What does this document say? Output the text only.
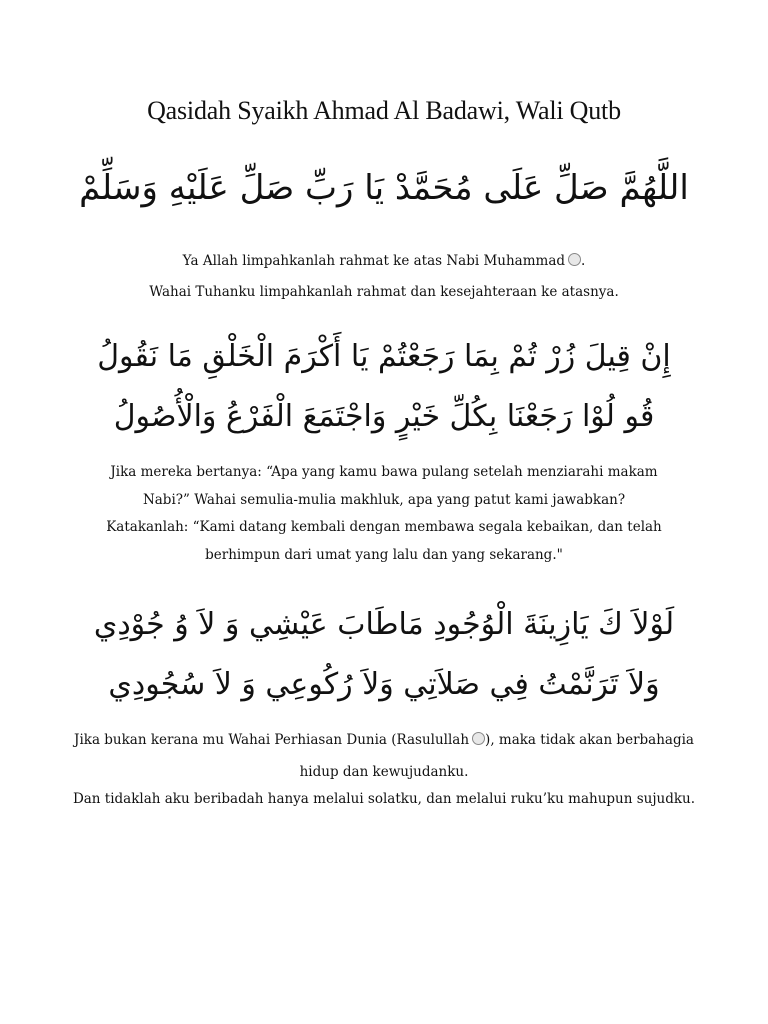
Qasidah Syaikh Ahmad Al Badawi, Wali Qutb
اللَّهُمَّ صَلِّ عَلَى مُحَمَّدْ يَا رَبِّ صَلِّ عَلَيْهِ وَسَلِّمْ
Ya Allah limpahkanlah rahmat ke atas Nabi Muhammad .
Wahai Tuhanku limpahkanlah rahmat dan kesejahteraan ke atasnya.
إِنْ قِيلَ زُرْ تُمْ بِمَا رَجَعْتُمْ يَا أَكْرَمَ الْخَلْقِ مَا نَقُولُ
قُو لُوْا رَجَعْنَا بِكُلِّ خَيْرٍ وَاجْتَمَعَ الْفَرْعُ وَالْأُصُولُ
Jika mereka bertanya: “Apa yang kamu bawa pulang setelah menziarahi makam
Nabi?” Wahai semulia-mulia makhluk, apa yang patut kami jawabkan?
Katakanlah: “Kami datang kembali dengan membawa segala kebaikan, dan telah
berhimpun dari umat yang lalu dan yang sekarang."
لَوْلاَ كَ يَازِينَةَ الْوُجُودِ مَاطَابَ عَيْشِي وَ لاَ وُ جُوْدِي
وَلاَ تَرَنَّمْتُ فِي صَلاَتِي وَلاَ رُكُوعِي وَ لاَ سُجُودِي
Jika bukan kerana mu Wahai Perhiasan Dunia (Rasulullah ), maka tidak akan berbahagia
hidup dan kewujudanku.
Dan tidaklah aku beribadah hanya melalui solatku, dan melalui ruku’ku mahupun sujudku.
